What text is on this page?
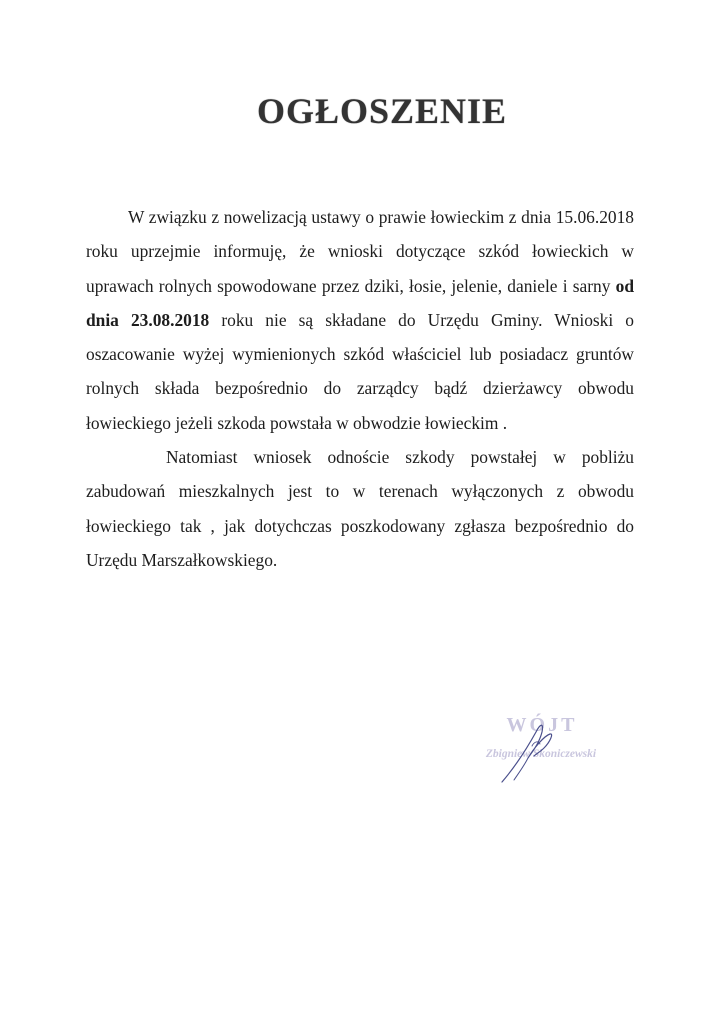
OGŁOSZENIE

W związku z nowelizacją ustawy o prawie łowieckim z dnia 15.06.2018 roku uprzejmie informuję, że wnioski dotyczące szkód łowieckich w uprawach rolnych spowodowane przez dziki, łosie, jelenie, daniele i sarny od dnia 23.08.2018 roku nie są składane do Urzędu Gminy. Wnioski o oszacowanie wyżej wymienionych szkód właściciel lub posiadacz gruntów rolnych składa bezpośrednio do zarządcy bądź dzierżawcy obwodu łowieckiego jeżeli szkoda powstała w obwodzie łowieckim .

Natomiast wniosek odnoście szkody powstałej w pobliżu zabudowań mieszkalnych jest to w terenach wyłączonych z obwodu łowieckiego tak , jak dotychczas poszkodowany zgłasza bezpośrednio do Urzędu Marszałkowskiego.

WÓJT
Zbigniew Skoniczewski
